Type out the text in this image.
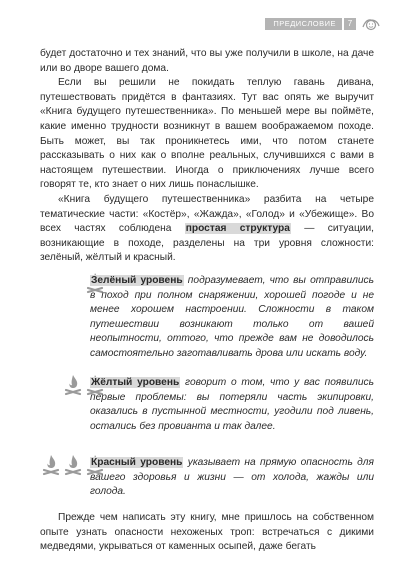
ПРЕДИСЛОВИЕ	7

будет достаточно и тех знаний, что вы уже получили в школе, на даче или во дворе вашего дома.

Если вы решили не покидать теплую гавань дивана, путешествовать придётся в фантазиях. Тут вас опять же выручит «Книга будущего путешественника». По меньшей мере вы поймёте, какие именно трудности возникнут в вашем воображаемом походе. Быть может, вы так проникнетесь ими, что потом станете рассказывать о них как о вполне реальных, случившихся с вами в настоящем путешествии. Иногда о приключениях лучше всего говорят те, кто знает о них лишь понаслышке.

«Книга будущего путешественника» разбита на четыре тематические части: «Костёр», «Жажда», «Голод» и «Убежище». Во всех частях соблюдена простая структура — ситуации, возникающие в походе, разделены на три уровня сложности: зелёный, жёлтый и красный.

Зелёный уровень подразумевает, что вы отправились в поход при полном снаряжении, хорошей погоде и не менее хорошем настроении. Сложности в таком путешествии возникают только от вашей неопытности, оттого, что прежде вам не доводилось самостоятельно заготавливать дрова или искать воду.
Жёлтый уровень говорит о том, что у вас появились первые проблемы: вы потеряли часть экипировки, оказались в пустынной местности, угодили под ливень, остались без провианта и так далее.
Красный уровень указывает на прямую опасность для вашего здоровья и жизни — от холода, жажды или голода.

Прежде чем написать эту книгу, мне пришлось на собственном опыте узнать опасности нехоженых троп: встречаться с дикими медведями, укрываться от каменных осыпей, даже бегать
